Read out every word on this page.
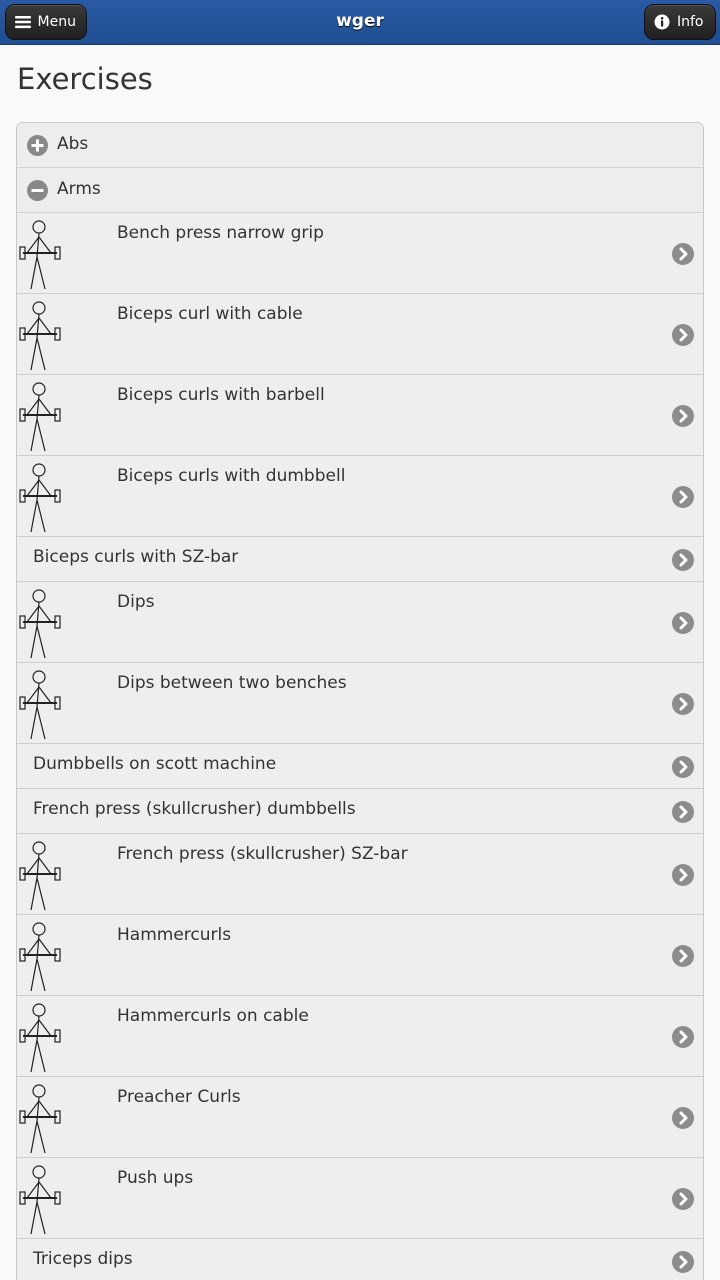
Menu	wger	Info
Exercises
Abs
Arms
Bench press narrow grip
Biceps curl with cable
Biceps curls with barbell
Biceps curls with dumbbell
Biceps curls with SZ-bar
Dips
Dips between two benches
Dumbbells on scott machine
French press (skullcrusher) dumbbells
French press (skullcrusher) SZ-bar
Hammercurls
Hammercurls on cable
Preacher Curls
Push ups
Triceps dips
